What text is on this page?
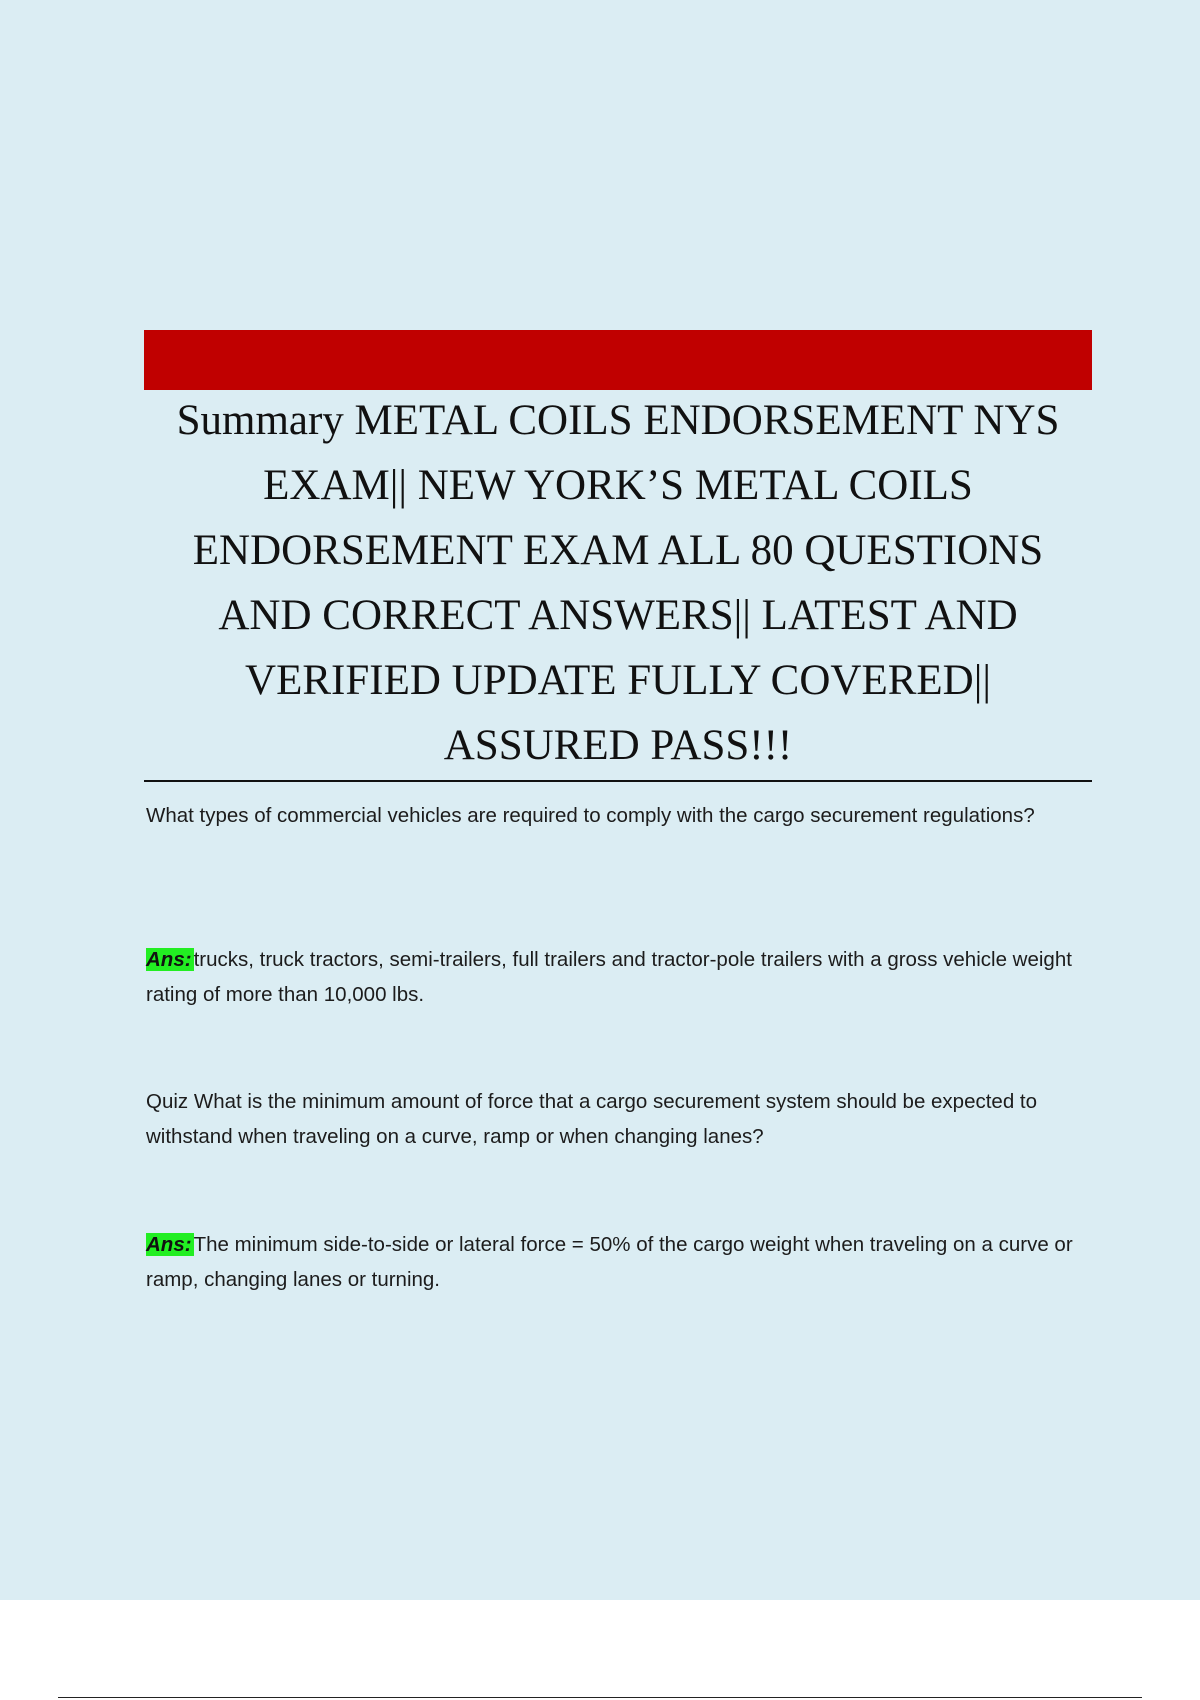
Summary METAL COILS ENDORSEMENT NYS EXAM|| NEW YORK’S METAL COILS ENDORSEMENT EXAM ALL 80 QUESTIONS AND CORRECT ANSWERS|| LATEST AND VERIFIED UPDATE FULLY COVERED|| ASSURED PASS!!!

What types of commercial vehicles are required to comply with the cargo securement regulations?

Ans:trucks, truck tractors, semi-trailers, full trailers and tractor-pole trailers with a gross vehicle weight rating of more than 10,000 lbs.

Quiz What is the minimum amount of force that a cargo securement system should be expected to withstand when traveling on a curve, ramp or when changing lanes?

Ans:The minimum side-to-side or lateral force = 50% of the cargo weight when traveling on a curve or ramp, changing lanes or turning.
